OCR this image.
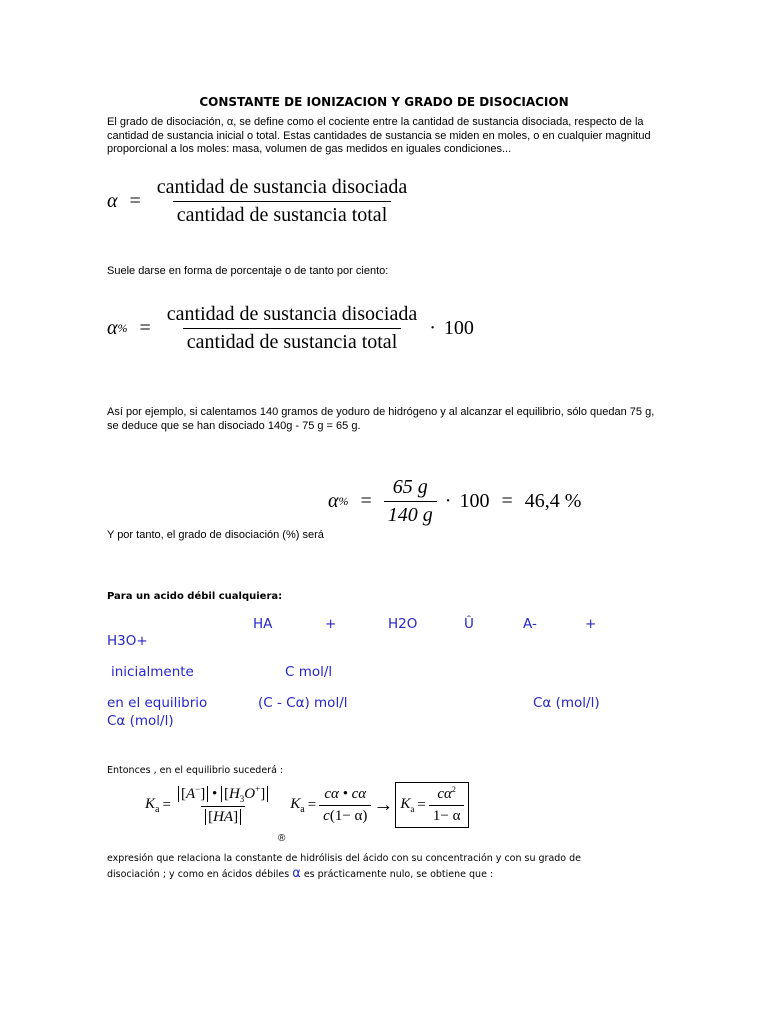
CONSTANTE DE IONIZACION Y GRADO DE DISOCIACION
El grado de disociación, α, se define como el cociente entre la cantidad de sustancia disociada, respecto de la cantidad de sustancia inicial o total. Estas cantidades de sustancia se miden en moles, o en cualquier magnitud proporcional a los moles: masa, volumen de gas medidos en iguales condiciones...
$\alpha = \frac{\text{cantidad de sustancia disociada}}{\text{cantidad de sustancia total}}$
Suele darse en forma de porcentaje o de tanto por ciento:
α % = $\frac{\text{cantidad de sustancia disociada}}{\text{cantidad de sustancia total}} \cdot 100$
Así por ejemplo, si calentamos 140 gramos de yoduro de hidrógeno y al alcanzar el equilibrio, sólo quedan 75 g, se deduce que se han disociado 140g - 75 g = 65 g.
α % = $\frac{65 g}{140 g} \cdot 100 = 46,4$ %
Y por tanto, el grado de disociación (%) será
Para un acido débil cualquiera:
HA	+	H2O	Û	A-	+
H3O+
inicialmente	C mol/l
en el equilibrio	(C - Cα) mol/l	Cα (mol/l)
Cα (mol/l)
Entonces , en el equilibrio sucederá :
$K_a = \frac{[A^-] • [H_3O^+]}{[HA]} K_a = \frac{c\alpha • c\alpha}{c(1- \alpha)} \to K_a = \frac{c\alpha^2}{1- \alpha}$
®
expresión que relaciona la constante de hidrólisis del ácido con su concentración y con su grado de disociación ; y como en ácidos débiles α es prácticamente nulo, se obtiene que :
